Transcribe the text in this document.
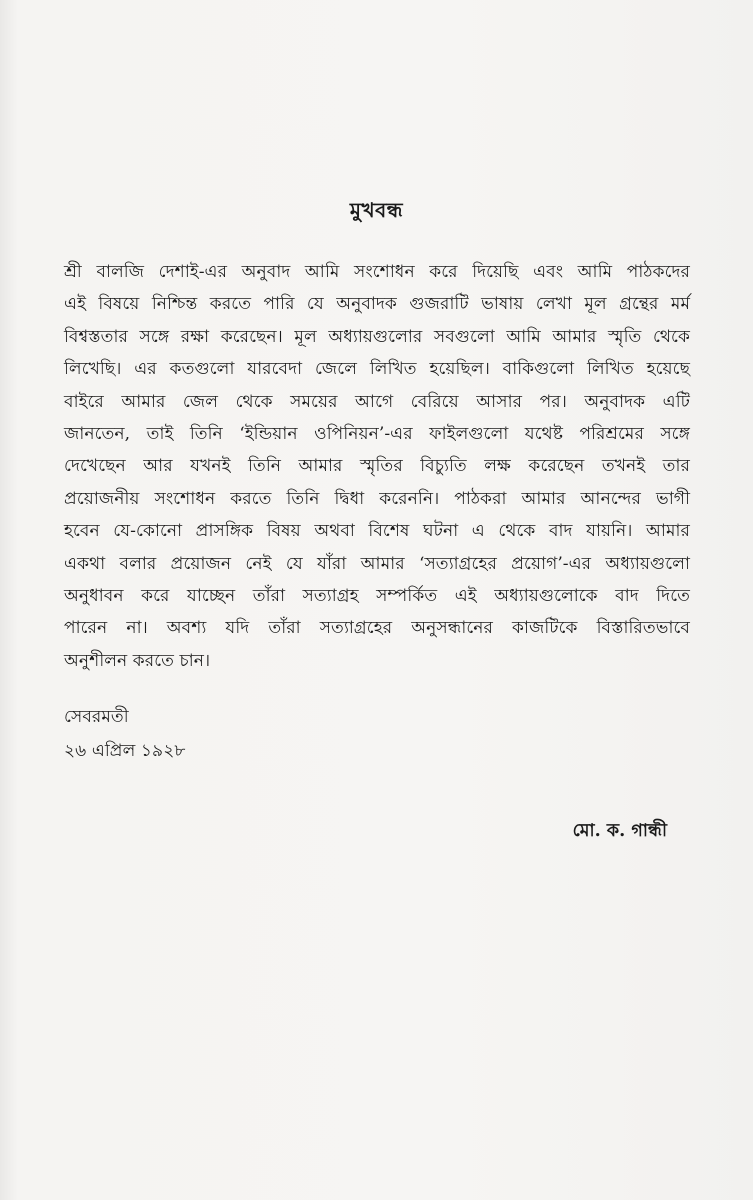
মুখবন্ধ
শ্রী বালজি দেশাই-এর অনুবাদ আমি সংশোধন করে দিয়েছি এবং আমি পাঠকদের
এই বিষয়ে নিশ্চিন্ত করতে পারি যে অনুবাদক গুজরাটি ভাষায় লেখা মূল গ্রন্থের মর্ম
বিশ্বস্ততার সঙ্গে রক্ষা করেছেন। মূল অধ্যায়গুলোর সবগুলো আমি আমার স্মৃতি থেকে
লিখেছি। এর কতগুলো যারবেদা জেলে লিখিত হয়েছিল। বাকিগুলো লিখিত হয়েছে
বাইরে আমার জেল থেকে সময়ের আগে বেরিয়ে আসার পর। অনুবাদক এটি
জানতেন, তাই তিনি ‘ইন্ডিয়ান ওপিনিয়ন’-এর ফাইলগুলো যথেষ্ট পরিশ্রমের সঙ্গে
দেখেছেন আর যখনই তিনি আমার স্মৃতির বিচ্যুতি লক্ষ করেছেন তখনই তার
প্রয়োজনীয় সংশোধন করতে তিনি দ্বিধা করেননি। পাঠকরা আমার আনন্দের ভাগী
হবেন যে-কোনো প্রাসঙ্গিক বিষয় অথবা বিশেষ ঘটনা এ থেকে বাদ যায়নি। আমার
একথা বলার প্রয়োজন নেই যে যাঁরা আমার ‘সত্যাগ্রহের প্রয়োগ’-এর অধ্যায়গুলো
অনুধাবন করে যাচ্ছেন তাঁরা সত্যাগ্রহ সম্পর্কিত এই অধ্যায়গুলোকে বাদ দিতে
পারেন না। অবশ্য যদি তাঁরা সত্যাগ্রহের অনুসন্ধানের কাজটিকে বিস্তারিতভাবে
অনুশীলন করতে চান।
সেবরমতী
২৬ এপ্রিল ১৯২৮
মো. ক. গান্ধী
